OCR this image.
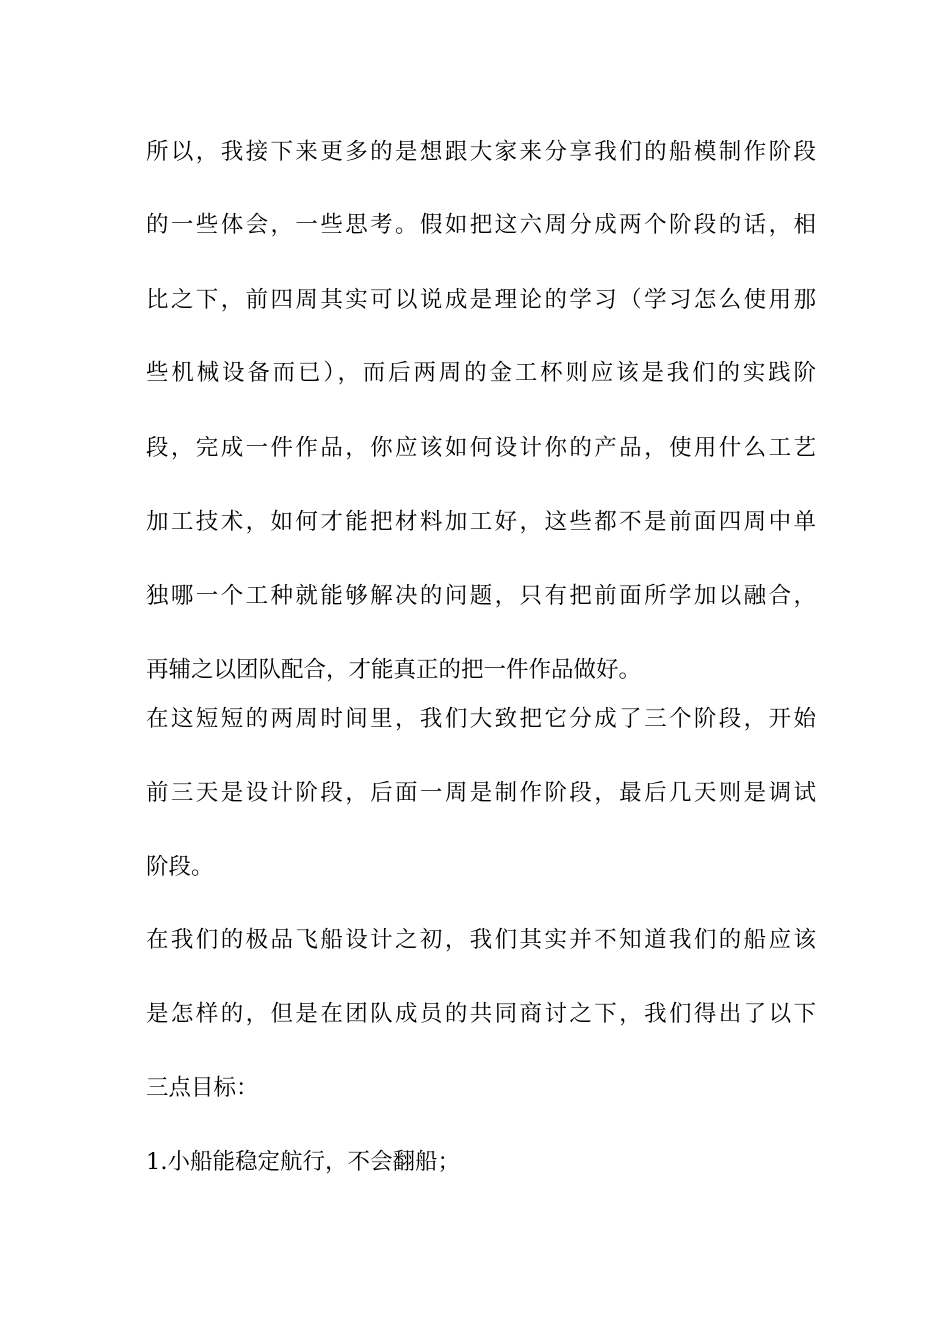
所以，我接下来更多的是想跟大家来分享我们的船模制作阶段
的一些体会，一些思考。假如把这六周分成两个阶段的话，相
比之下，前四周其实可以说成是理论的学习（学习怎么使用那
些机械设备而已），而后两周的金工杯则应该是我们的实践阶
段，完成一件作品，你应该如何设计你的产品，使用什么工艺
加工技术，如何才能把材料加工好，这些都不是前面四周中单
独哪一个工种就能够解决的问题，只有把前面所学加以融合，
再辅之以团队配合，才能真正的把一件作品做好。
在这短短的两周时间里，我们大致把它分成了三个阶段，开始
前三天是设计阶段，后面一周是制作阶段，最后几天则是调试
阶段。
在我们的极品飞船设计之初，我们其实并不知道我们的船应该
是怎样的，但是在团队成员的共同商讨之下，我们得出了以下
三点目标：
1.小船能稳定航行，不会翻船；
